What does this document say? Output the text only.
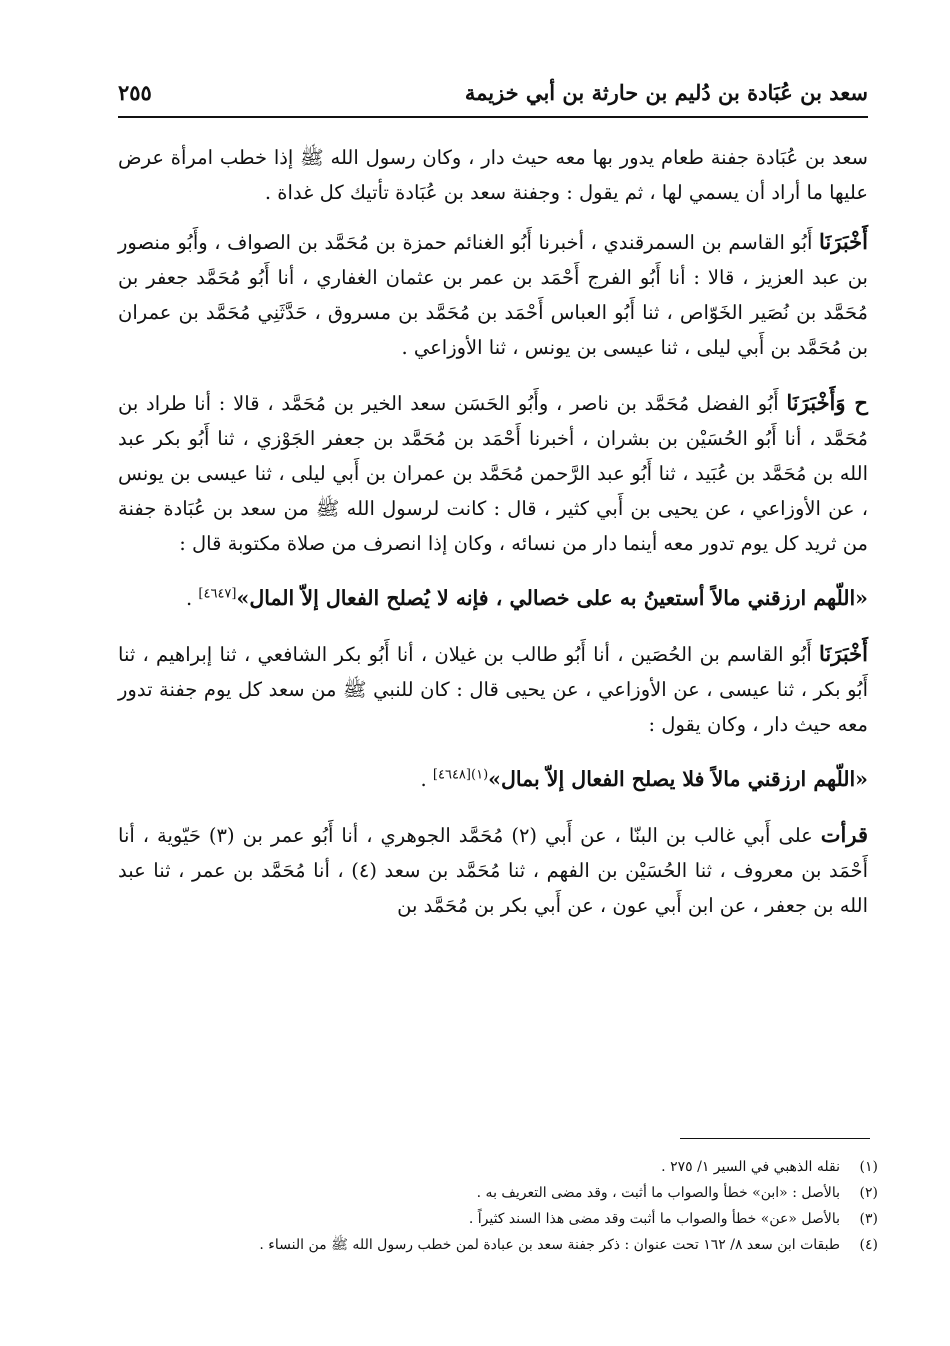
سعد بن عُبَادة بن دُليم بن حارثة بن أبي خزيمة
٢٥٥

سعد بن عُبَادة جفنة طعام يدور بها معه حيث دار ، وكان رسول الله ﷺ إذا خطب امرأة عرض عليها ما أراد أن يسمي لها ، ثم يقول : وجفنة سعد بن عُبَادة تأتيك كل غداة .

أَخْبَرَنَا أَبُو القاسم بن السمرقندي ، أخبرنا أَبُو الغنائم حمزة بن مُحَمَّد بن الصواف ، وأَبُو منصور بن عبد العزيز ، قالا : أنا أَبُو الفرج أَحْمَد بن عمر بن عثمان الغفاري ، أنا أَبُو مُحَمَّد جعفر بن مُحَمَّد بن نُصَير الخَوّاص ، ثنا أَبُو العباس أَحْمَد بن مُحَمَّد بن مسروق ، حَدَّثَنِي مُحَمَّد بن عمران بن مُحَمَّد بن أَبي ليلى ، ثنا عيسى بن يونس ، ثنا الأوزاعي .

ح وَأَخْبَرَنَا أَبُو الفضل مُحَمَّد بن ناصر ، وأَبُو الحَسَن سعد الخير بن مُحَمَّد ، قالا : أنا طراد بن مُحَمَّد ، أنا أَبُو الحُسَيْن بن بشران ، أخبرنا أَحْمَد بن مُحَمَّد بن جعفر الجَوْزي ، ثنا أَبُو بكر عبد الله بن مُحَمَّد بن عُبَيد ، ثنا أَبُو عبد الرَّحمن مُحَمَّد بن عمران بن أَبي ليلى ، ثنا عيسى بن يونس ، عن الأوزاعي ، عن يحيى بن أَبي كثير ، قال : كانت لرسول الله ﷺ من سعد بن عُبَادة جفنة من ثريد كل يوم تدور معه أينما دار من نسائه ، وكان إذا انصرف من صلاة مكتوبة قال :

«اللّهم ارزقني مالاً أستعينُ به على خصالي ، فإنه لا يُصلح الفعال إلاّ المال»[٤٦٤٧] .

أَخْبَرَنَا أَبُو القاسم بن الحُصَين ، أنا أَبُو طالب بن غيلان ، أنا أَبُو بكر الشافعي ، ثنا إبراهيم ، ثنا أَبُو بكر ، ثنا عيسى ، عن الأوزاعي ، عن يحيى قال : كان للنبي ﷺ من سعد كل يوم جفنة تدور معه حيث دار ، وكان يقول :

«اللّهم ارزقني مالاً فلا يصلح الفعال إلاّ بمال»$^{(١)[٤٦٤٨]}$ .

قرأت على أَبي غالب بن البنّا ، عن أَبي (٢) مُحَمَّد الجوهري ، أنا أَبُو عمر بن (٣) حَيّوية ، أنا أَحْمَد بن معروف ، ثنا الحُسَيْن بن الفهم ، ثنا مُحَمَّد بن سعد (٤) ، أنا مُحَمَّد بن عمر ، ثنا عبد الله بن جعفر ، عن ابن أَبي عون ، عن أَبي بكر بن مُحَمَّد بن

(١)نقله الذهبي في السير ١/ ٢٧٥ .
(٢)بالأصل : «ابن» خطأ والصواب ما أثبت ، وقد مضى التعريف به .
(٣)بالأصل «عن» خطأ والصواب ما أثبت وقد مضى هذا السند كثيراً .
(٤)طبقات ابن سعد ٨/ ١٦٢ تحت عنوان : ذكر جفنة سعد بن عبادة لمن خطب رسول الله ﷺ من النساء .
